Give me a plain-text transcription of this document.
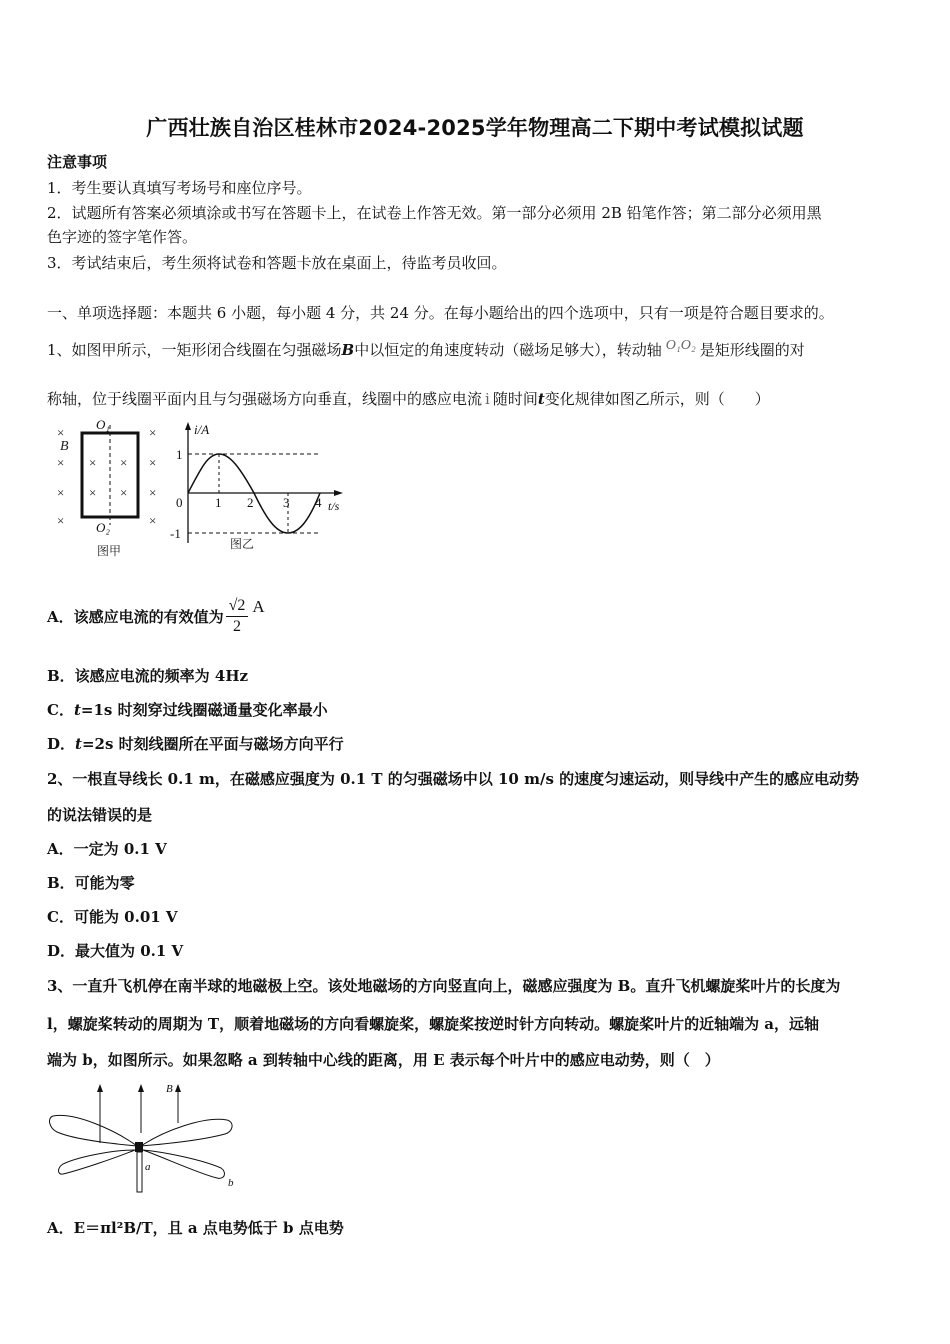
广西壮族自治区桂林市2024-2025学年物理高二下期中考试模拟试题
注意事项
1．考生要认真填写考场号和座位序号。
2．试题所有答案必须填涂或书写在答题卡上，在试卷上作答无效。第一部分必须用 2B 铅笔作答；第二部分必须用黑
色字迹的签字笔作答。
3．考试结束后，考生须将试卷和答题卡放在桌面上，待监考员收回。
一、单项选择题：本题共 6 小题，每小题 4 分，共 24 分。在每小题给出的四个选项中，只有一项是符合题目要求的。
1、如图甲所示，一矩形闭合线圈在匀强磁场B中以恒定的角速度转动（磁场足够大），转动轴 O₁O₂ 是矩形线圈的对
称轴，位于线圈平面内且与匀强磁场方向垂直，线圈中的感应电流 i 随时间t变化规律如图乙所示，则（　　）
×	×
B
×
×
×
×
×
×
× ×
× ×
O₁
O₂
图甲
i/A
t/s
1
0
-1
1 2 3 4
图乙
A．该感应电流的有效值为 $\frac{√2}{2}$ A
B．该感应电流的频率为 4Hz
C．t=1s 时刻穿过线圈磁通量变化率最小
D．t=2s 时刻线圈所在平面与磁场方向平行
2、一根直导线长 0.1 m，在磁感应强度为 0.1 T 的匀强磁场中以 10 m/s 的速度匀速运动，则导线中产生的感应电动势
的说法错误的是
A．一定为 0.1 V
B．可能为零
C．可能为 0.01 V
D．最大值为 0.1 V
3、一直升飞机停在南半球的地磁极上空。该处地磁场的方向竖直向上，磁感应强度为 B。直升飞机螺旋桨叶片的长度为
l，螺旋桨转动的周期为 T，顺着地磁场的方向看螺旋桨，螺旋桨按逆时针方向转动。螺旋桨叶片的近轴端为 a，远轴
端为 b，如图所示。如果忽略 a 到转轴中心线的距离，用 E 表示每个叶片中的感应电动势，则（　）
B
a
b
A．E＝πl²B/T，且 a 点电势低于 b 点电势
